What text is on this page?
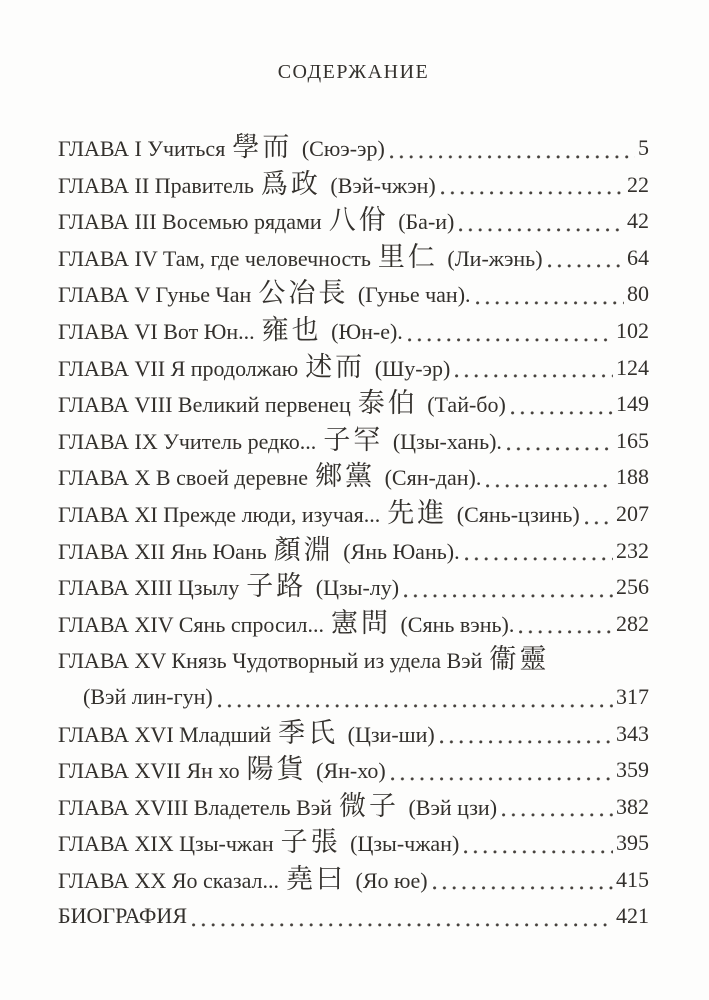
СОДЕРЖАНИЕ
ГЛАВА I Учиться 學而 (Сюэ-эр)	5
ГЛАВА II Правитель 爲政 (Вэй-чжэн)	22
ГЛАВА III Восемью рядами 八佾 (Ба-и)	42
ГЛАВА IV Там, где человечность 里仁 (Ли-жэнь)	64
ГЛАВА V Гунье Чан 公冶長 (Гунье чан).	80
ГЛАВА VI Вот Юн... 雍也 (Юн-е).	102
ГЛАВА VII Я продолжаю 述而 (Шу-эр)	124
ГЛАВА VIII Великий первенец 泰伯 (Тай-бо)	149
ГЛАВА IX Учитель редко... 子罕 (Цзы-хань).	165
ГЛАВА X В своей деревне 鄉黨 (Сян-дан).	188
ГЛАВА XI Прежде люди, изучая... 先進 (Сянь-цзинь) 207
ГЛАВА XII Янь Юань 顏淵 (Янь Юань).	232
ГЛАВА XIII Цзылу 子路 (Цзы-лу)	256
ГЛАВА XIV Сянь спросил... 憲問 (Сянь вэнь).	282
ГЛАВА XV Князь Чудотворный из удела Вэй 衞靈
(Вэй лин-гун)	317
ГЛАВА XVI Младший 季氏 (Цзи-ши)	343
ГЛАВА XVII Ян хо 陽貨 (Ян-хо)	359
ГЛАВА XVIII Владетель Вэй 微子 (Вэй цзи)	382
ГЛАВА XIX Цзы-чжан 子張 (Цзы-чжан)	395
ГЛАВА XX Яо сказал... 堯曰 (Яо юе)	415
БИОГРАФИЯ	421
